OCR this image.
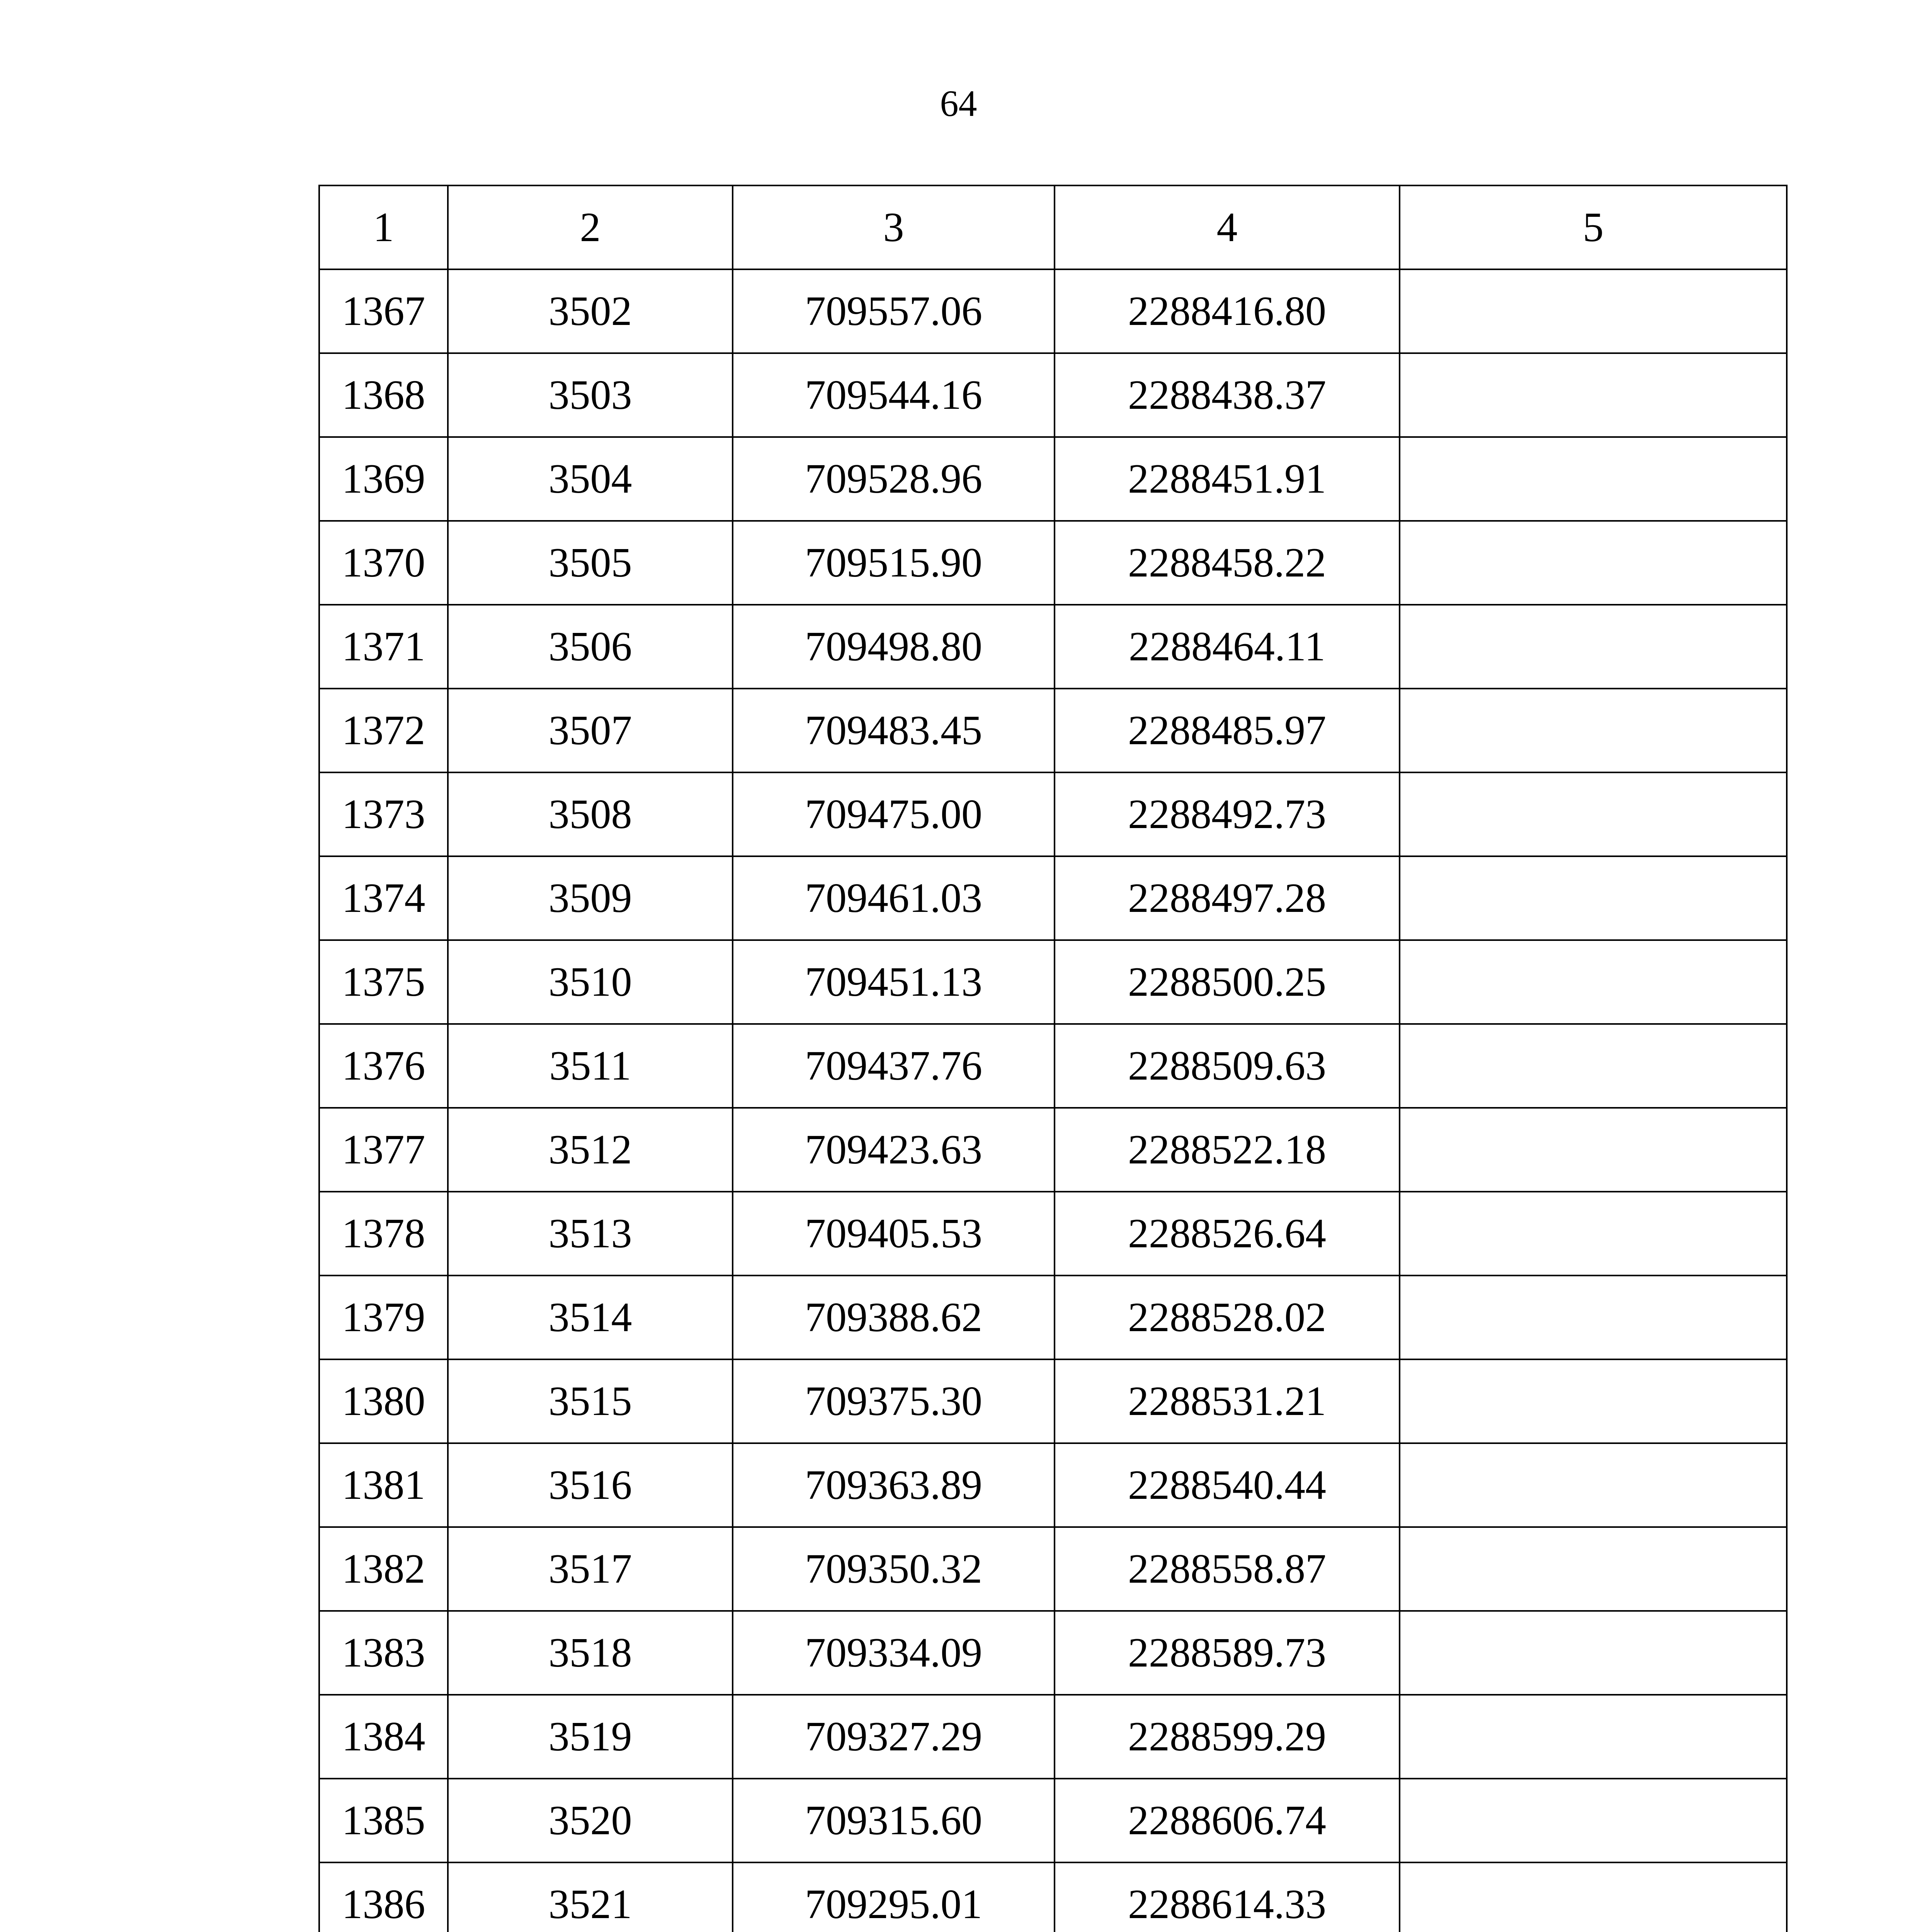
64
1	2	3	4	5
1367	3502	709557.06	2288416.80	
1368	3503	709544.16	2288438.37	
1369	3504	709528.96	2288451.91	
1370	3505	709515.90	2288458.22	
1371	3506	709498.80	2288464.11	
1372	3507	709483.45	2288485.97	
1373	3508	709475.00	2288492.73	
1374	3509	709461.03	2288497.28	
1375	3510	709451.13	2288500.25	
1376	3511	709437.76	2288509.63	
1377	3512	709423.63	2288522.18	
1378	3513	709405.53	2288526.64	
1379	3514	709388.62	2288528.02	
1380	3515	709375.30	2288531.21	
1381	3516	709363.89	2288540.44	
1382	3517	709350.32	2288558.87	
1383	3518	709334.09	2288589.73	
1384	3519	709327.29	2288599.29	
1385	3520	709315.60	2288606.74	
1386	3521	709295.01	2288614.33	
